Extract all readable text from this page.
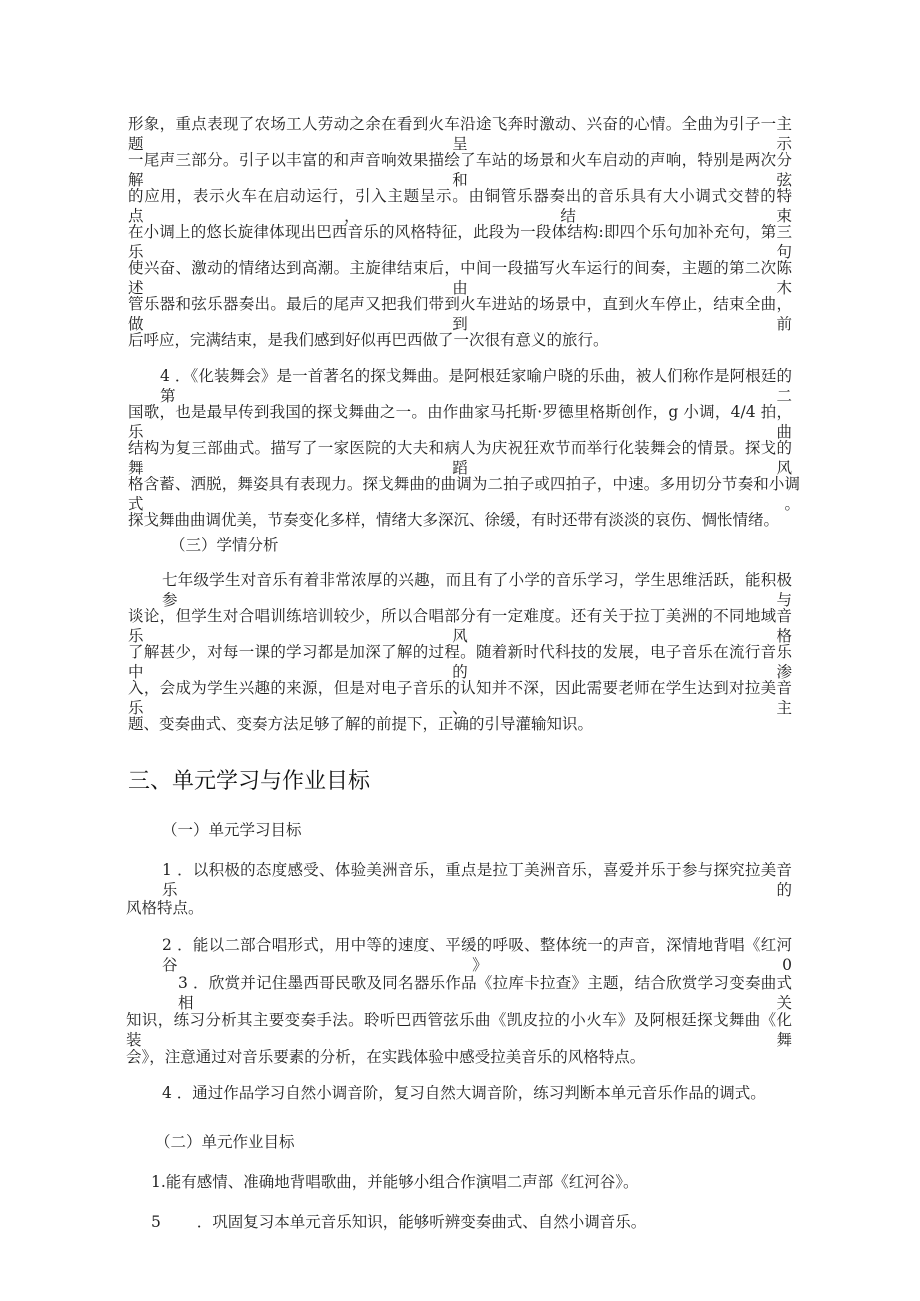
形象，重点表现了农场工人劳动之余在看到火车沿途飞奔时激动、兴奋的心情。全曲为引子一主题呈示
一尾声三部分。引子以丰富的和声音响效果描绘了车站的场景和火车启动的声响，特别是两次分解和弦
的应用，表示火车在启动运行，引入主题呈示。由铜管乐器奏出的音乐具有大小调式交替的特点，结束
在小调上的悠长旋律体现出巴西音乐的风格特征，此段为一段体结构:即四个乐句加补充句，第三乐句
使兴奋、激动的情绪达到高潮。主旋律结束后，中间一段描写火车运行的间奏，主题的第二次陈述由木
管乐器和弦乐器奏出。最后的尾声又把我们带到火车进站的场景中，直到火车停止，结束全曲，做到前
后呼应，完满结束，是我们感到好似再巴西做了一次很有意义的旅行。
4 ．《化装舞会》是一首著名的探戈舞曲。是阿根廷家喻户晓的乐曲，被人们称作是阿根廷的第二
国歌，也是最早传到我国的探戈舞曲之一。由作曲家马托斯·罗德里格斯创作，g 小调，4/4 拍，乐曲
结构为复三部曲式。描写了一家医院的大夫和病人为庆祝狂欢节而举行化装舞会的情景。探戈的舞蹈风
格含蓄、洒脱，舞姿具有表现力。探戈舞曲的曲调为二拍子或四拍子，中速。多用切分节奏和小调式。
探戈舞曲曲调优美，节奏变化多样，情绪大多深沉、徐缓，有时还带有淡淡的哀伤、惆怅情绪。
（三）学情分析
七年级学生对音乐有着非常浓厚的兴趣，而且有了小学的音乐学习，学生思维活跃，能积极参与
谈论，但学生对合唱训练培训较少，所以合唱部分有一定难度。还有关于拉丁美洲的不同地域音乐风格
了解甚少，对每一课的学习都是加深了解的过程。随着新时代科技的发展，电子音乐在流行音乐中的渗
入，会成为学生兴趣的来源，但是对电子音乐的认知并不深，因此需要老师在学生达到对拉美音乐、主
题、变奏曲式、变奏方法足够了解的前提下，正确的引导灌输知识。
三、单元学习与作业目标
（一）单元学习目标
1 ．以积极的态度感受、体验美洲音乐，重点是拉丁美洲音乐，喜爱并乐于参与探究拉美音乐的
风格特点。
2 ．能以二部合唱形式，用中等的速度、平缓的呼吸、整体统一的声音，深情地背唱《红河谷》0
3 ．欣赏并记住墨西哥民歌及同名器乐作品《拉库卡拉查》主题，结合欣赏学习变奏曲式相关
知识，练习分析其主要变奏手法。聆听巴西管弦乐曲《凯皮拉的小火车》及阿根廷探戈舞曲《化装舞
会》，注意通过对音乐要素的分析，在实践体验中感受拉美音乐的风格特点。
4 ．通过作品学习自然小调音阶，复习自然大调音阶，练习判断本单元音乐作品的调式。
（二）单元作业目标
1.能有感情、准确地背唱歌曲，并能够小组合作演唱二声部《红河谷》。
5 　　．巩固复习本单元音乐知识，能够听辨变奏曲式、自然小调音乐。
